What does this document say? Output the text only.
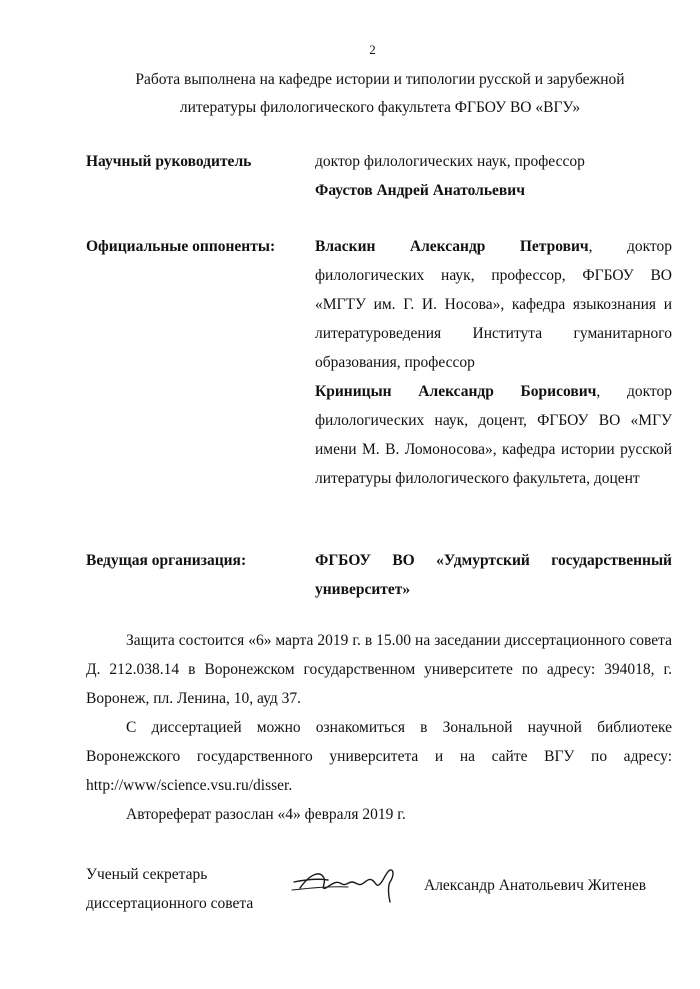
2
Работа выполнена на кафедре истории и типологии русской и зарубежной
литературы филологического факультета ФГБОУ ВО «ВГУ»
Научный руководитель	доктор филологических наук, профессор

Фаустов Андрей Анатольевич

Официальные оппоненты:	Власкин Александр Петрович, доктор филологических наук, профессор, ФГБОУ ВО «МГТУ им. Г. И. Носова», кафедра языкознания и литературоведения Института гуманитарного образования, профессор

Криницын Александр Борисович, доктор филологических наук, доцент, ФГБОУ ВО «МГУ имени М. В. Ломоносова», кафедра истории русской литературы филологического факультета, доцент

Ведущая организация:	ФГБОУ ВО «Удмуртский государственный университет»

Защита состоится «6» марта 2019 г. в 15.00 на заседании диссертационного совета Д. 212.038.14 в Воронежском государственном университете по адресу: 394018, г. Воронеж, пл. Ленина, 10, ауд 37.

С диссертацией можно ознакомиться в Зональной научной библиотеке Воронежского государственного университета и на сайте ВГУ по адресу: http://www/science.vsu.ru/disser.

Автореферат разослан «4» февраля 2019 г.

Ученый секретарь
диссертационного совета
Александр Анатольевич Житенев
